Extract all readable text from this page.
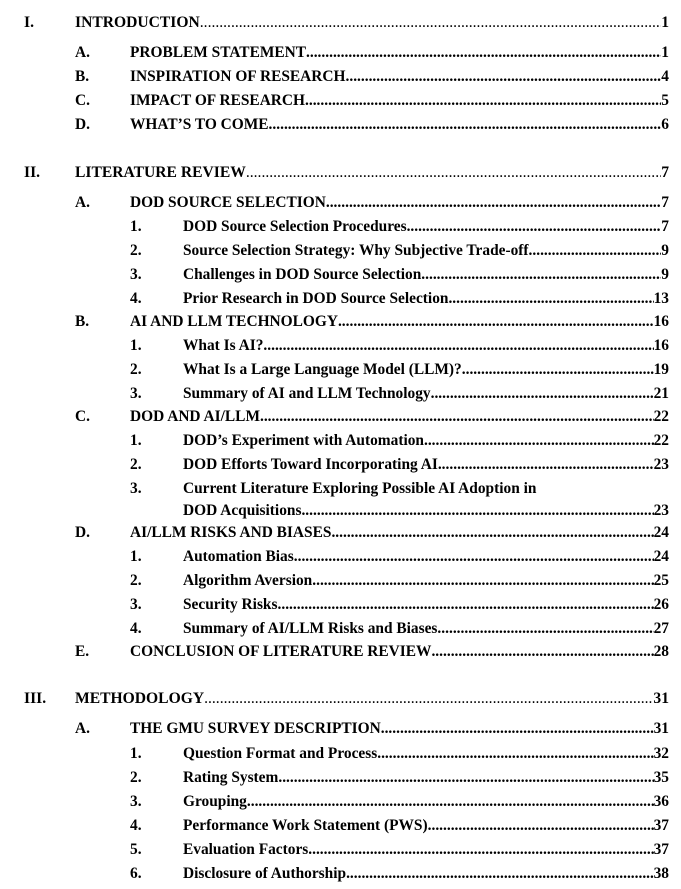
I.	INTRODUCTION .....	1
A.	PROBLEM STATEMENT .....	1
B.	INSPIRATION OF RESEARCH .....	4
C.	IMPACT OF RESEARCH .....	5
D.	WHAT’S TO COME .....	6
II. LITERATURE REVIEW .....	7
A.	DOD SOURCE SELECTION .....	7
1.	DOD Source Selection Procedures .....	7
2.	Source Selection Strategy: Why Subjective Trade-off .....	9
3.	Challenges in DOD Source Selection .....	9
4.	Prior Research in DOD Source Selection .....	13
B.	AI AND LLM TECHNOLOGY .....	16
1.	What Is AI? .....	16
2.	What Is a Large Language Model (LLM)? .....	19
3.	Summary of AI and LLM Technology .....	21
C.	DOD AND AI/LLM .....	22
1.	DOD’s Experiment with Automation .....	22
2.	DOD Efforts Toward Incorporating AI .....	23
3.	Current Literature Exploring Possible AI Adoption in
DOD Acquisitions .....	23
D.	AI/LLM RISKS AND BIASES .....	24
1.	Automation Bias .....	24
2.	Algorithm Aversion .....	25
3.	Security Risks .....	26
4.	Summary of AI/LLM Risks and Biases .....	27
E.	CONCLUSION OF LITERATURE REVIEW .....	28
III. METHODOLOGY .....	31
A.	THE GMU SURVEY DESCRIPTION .....	31
1.	Question Format and Process .....	32
2.	Rating System .....	35
3.	Grouping .....	36
4.	Performance Work Statement (PWS) .....	37
5.	Evaluation Factors .....	37
6.	Disclosure of Authorship .....	38
